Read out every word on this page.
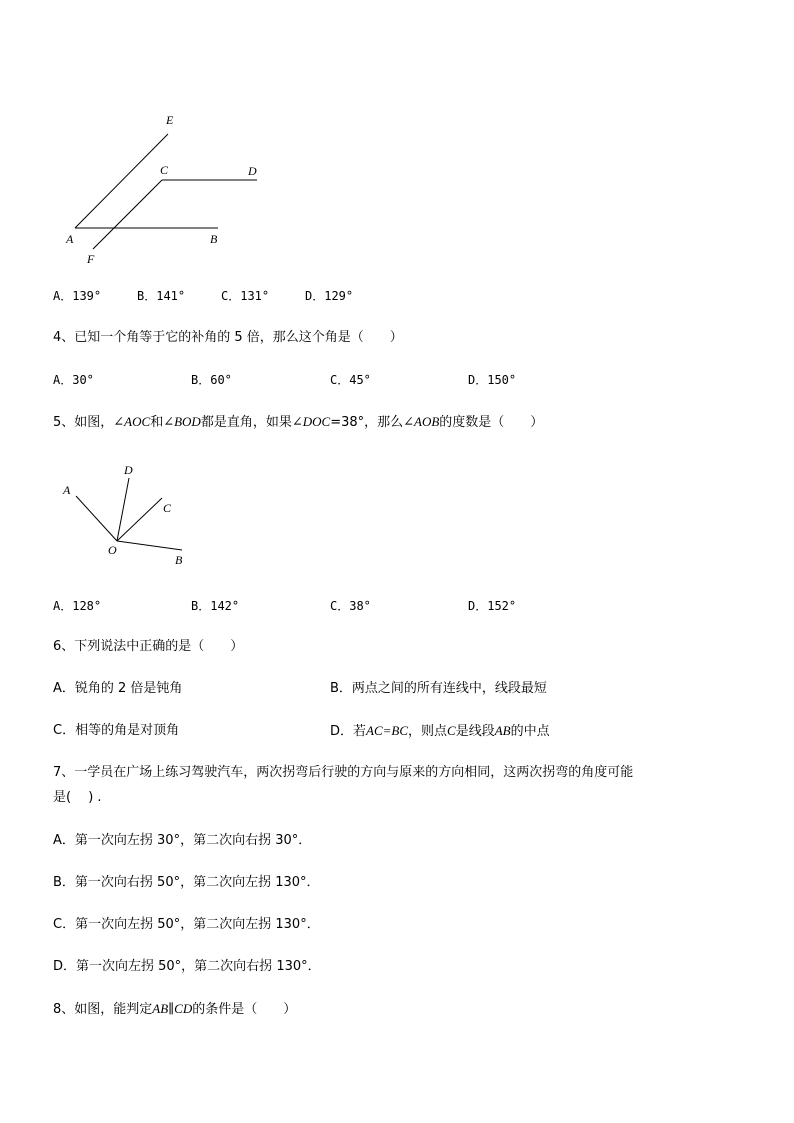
E
C	D
A	B
F
A．139°	B．141°	C．131°	D．129°
4、已知一个角等于它的补角的 5 倍，那么这个角是（　　）
A．30°	B．60°	C．45°	D．150°
5、如图，∠AOC和∠BOD都是直角，如果∠DOC=38°，那么∠AOB的度数是（　　）
A
D
C
O
B
A．128°	B．142°	C．38°	D．152°
6、下列说法中正确的是（　　）
A．锐角的 2 倍是钝角	B．两点之间的所有连线中，线段最短
C．相等的角是对顶角	D．若AC=BC，则点C是线段AB的中点
7、一学员在广场上练习驾驶汽车，两次拐弯后行驶的方向与原来的方向相同，这两次拐弯的角度可能
是(　 ) .
A．第一次向左拐 30°，第二次向右拐 30°．
B．第一次向右拐 50°，第二次向左拐 130°．
C．第一次向左拐 50°，第二次向左拐 130°．
D．第一次向左拐 50°，第二次向右拐 130°．
8、如图，能判定AB∥CD的条件是（　　）
